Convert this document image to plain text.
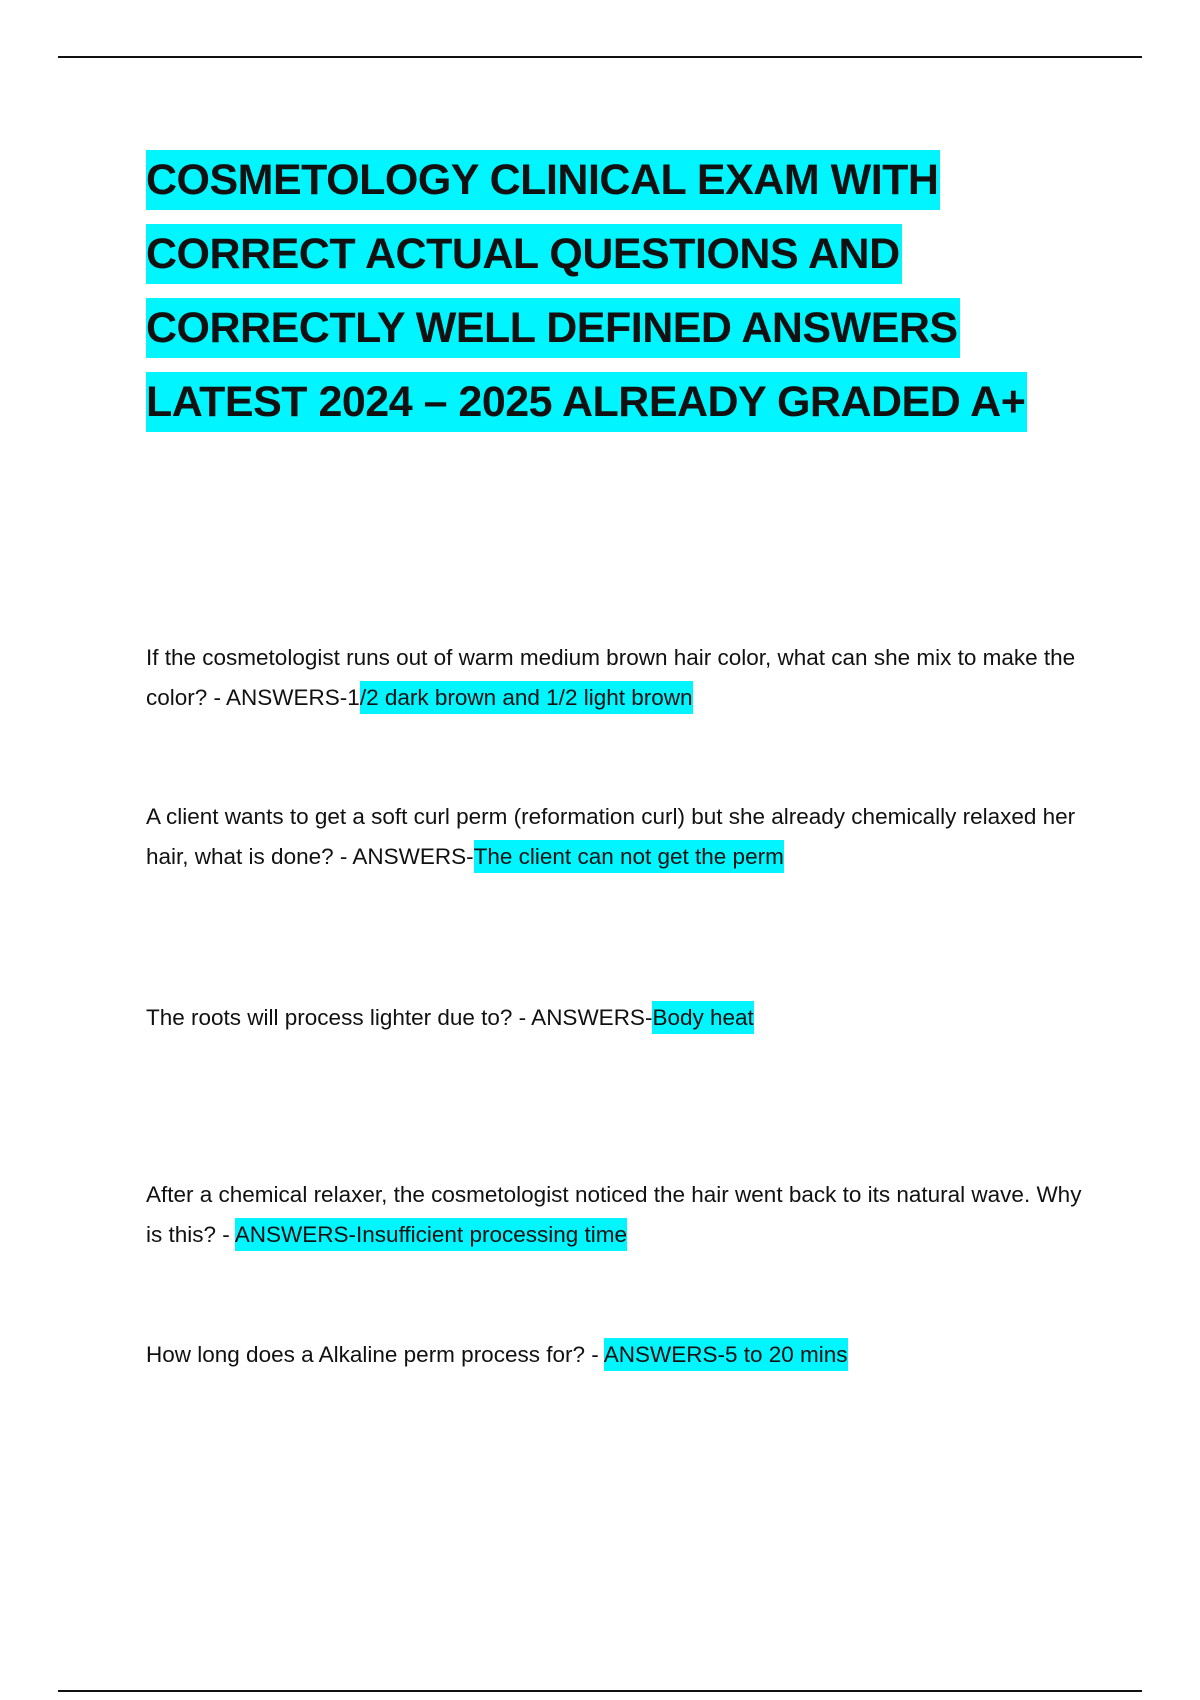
COSMETOLOGY CLINICAL EXAM WITH
CORRECT ACTUAL QUESTIONS AND
CORRECTLY WELL DEFINED ANSWERS
LATEST 2024 – 2025 ALREADY GRADED A+

If the cosmetologist runs out of warm medium brown hair color, what can she mix to make the color? - ANSWERS-1/2 dark brown and 1/2 light brown

A client wants to get a soft curl perm (reformation curl) but she already chemically relaxed her hair, what is done? - ANSWERS-The client can not get the perm

The roots will process lighter due to? - ANSWERS-Body heat

After a chemical relaxer, the cosmetologist noticed the hair went back to its natural wave. Why is this? - ANSWERS-Insufficient processing time

How long does a Alkaline perm process for? - ANSWERS-5 to 20 mins
